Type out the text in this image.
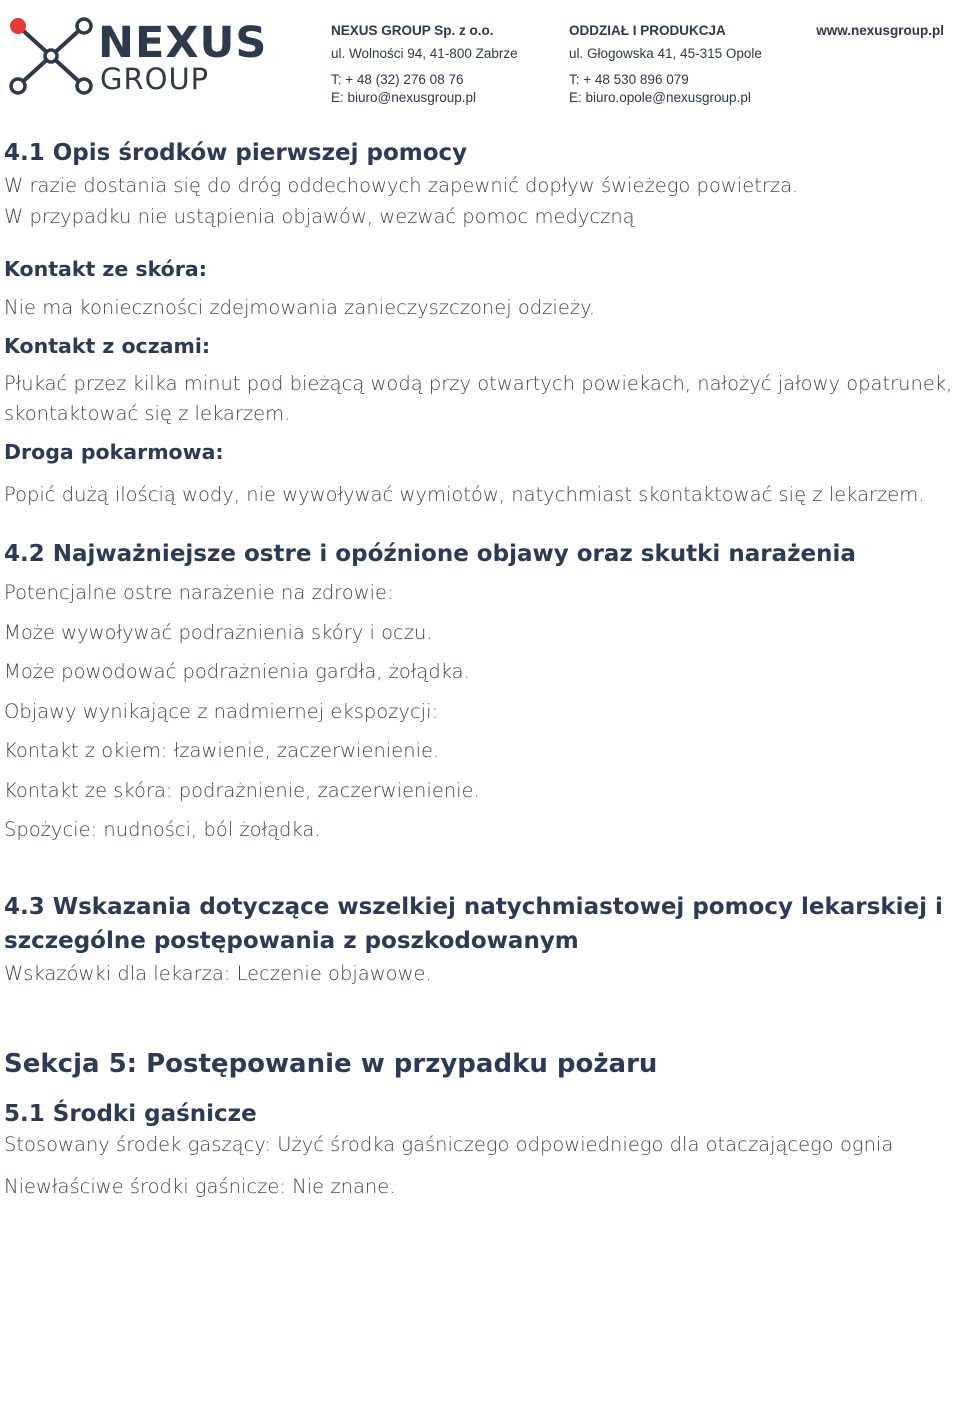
NEXUS
GROUP
NEXUS GROUP Sp. z o.o.
ul. Wolności 94, 41-800 Zabrze
T: + 48 (32) 276 08 76
E: biuro@nexusgroup.pl
ODDZIAŁ I PRODUKCJA
ul. Głogowska 41, 45-315 Opole
T: + 48 530 896 079
E: biuro.opole@nexusgroup.pl
www.nexusgroup.pl
4.1 Opis środków pierwszej pomocy

W razie dostania się do dróg oddechowych zapewnić dopływ świeżego powietrza.

W przypadku nie ustąpienia objawów, wezwać pomoc medyczną

Kontakt ze skóra:

Nie ma konieczności zdejmowania zanieczyszczonej odzieży.

Kontakt z oczami:

Płukać przez kilka minut pod bieżącą wodą przy otwartych powiekach, nałożyć jałowy opatrunek, skontaktować się z lekarzem.

Droga pokarmowa:

Popić dużą ilością wody, nie wywoływać wymiotów, natychmiast skontaktować się z lekarzem.

4.2 Najważniejsze ostre i opóźnione objawy oraz skutki narażenia

Potencjalne ostre narażenie na zdrowie:

Może wywoływać podrażnienia skóry i oczu.

Może powodować podrażnienia gardła, żołądka.

Objawy wynikające z nadmiernej ekspozycji:

Kontakt z okiem: łzawienie, zaczerwienienie.

Kontakt ze skóra: podrażnienie, zaczerwienienie.

Spożycie: nudności, ból żołądka.

4.3 Wskazania dotyczące wszelkiej natychmiastowej pomocy lekarskiej i szczególne postępowania z poszkodowanym

Wskazówki dla lekarza: Leczenie objawowe.

Sekcja 5: Postępowanie w przypadku pożaru
5.1 Środki gaśnicze

Stosowany środek gaszący: Użyć środka gaśniczego odpowiedniego dla otaczającego ognia

Niewłaściwe środki gaśnicze: Nie znane.
